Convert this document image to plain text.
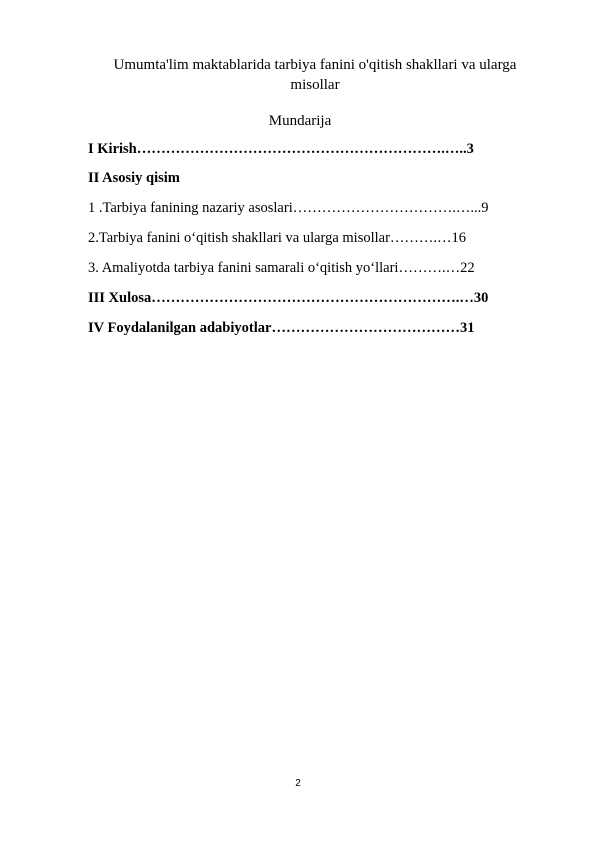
Umumta'lim maktablarida tarbiya fanini o'qitish shakllari va ularga misollar
Mundarija
I Kirish……………………………………………………….…..3
II Asosiy qisim
1 .Tarbiya fanining nazariy asoslari…………………………….…...9
2.Tarbiya fanini o‘qitish shakllari va ularga misollar……….…16
3. Amaliyotda tarbiya fanini samarali o‘qitish yo‘llari……….…22
III Xulosa……………………………………………………….…30
IV Foydalanilgan adabiyotlar…………………………………31
2
